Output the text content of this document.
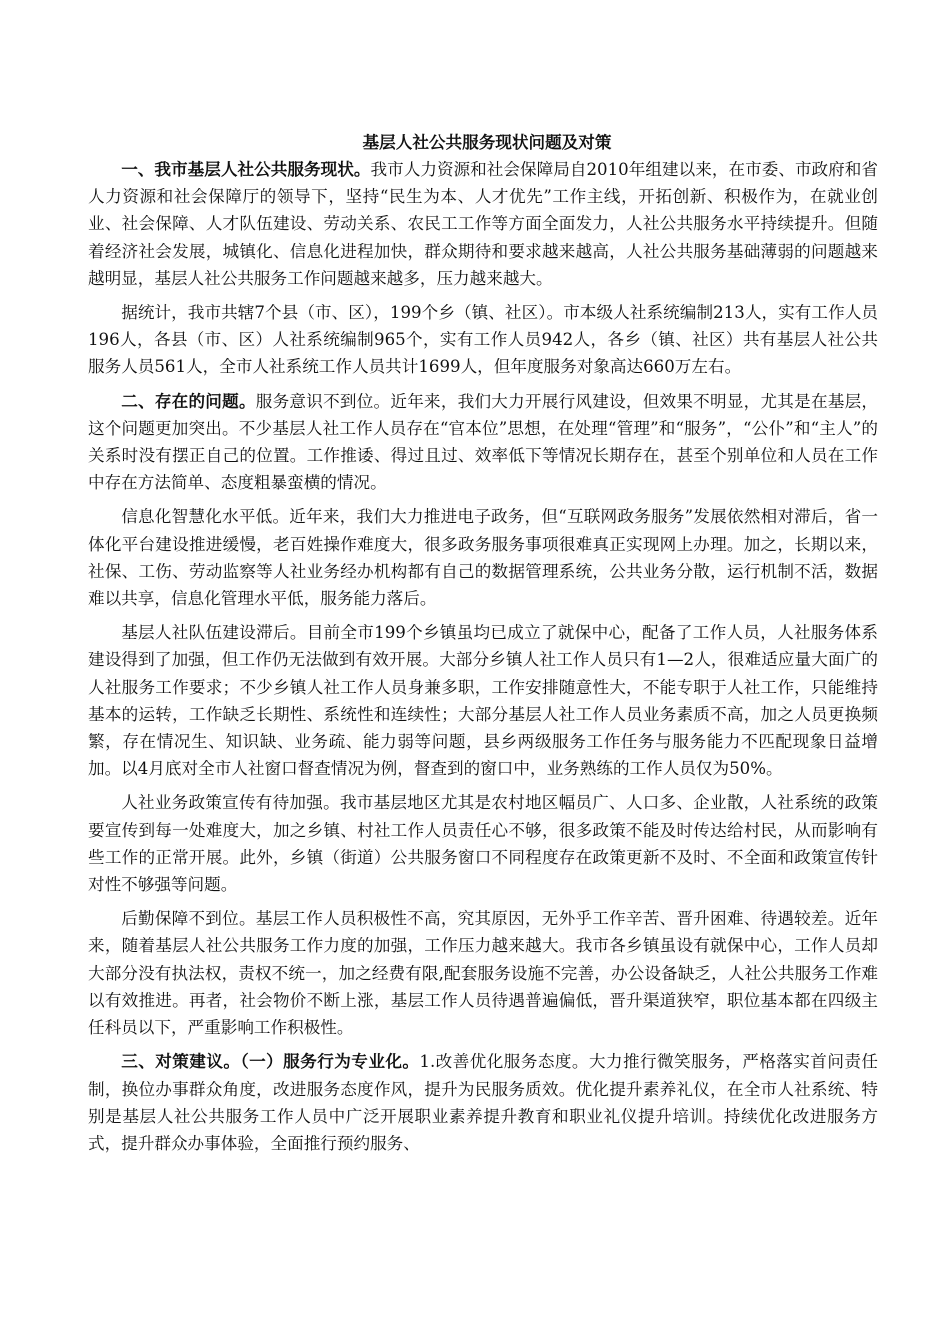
基层人社公共服务现状问题及对策

一、我市基层人社公共服务现状。我市人力资源和社会保障局自2010年组建以来，在市委、市政府和省人力资源和社会保障厅的领导下，坚持“民生为本、人才优先”工作主线，开拓创新、积极作为，在就业创业、社会保障、人才队伍建设、劳动关系、农民工工作等方面全面发力，人社公共服务水平持续提升。但随着经济社会发展，城镇化、信息化进程加快，群众期待和要求越来越高，人社公共服务基础薄弱的问题越来越明显，基层人社公共服务工作问题越来越多，压力越来越大。

据统计，我市共辖7个县（市、区），199个乡（镇、社区）。市本级人社系统编制213人，实有工作人员196人，各县（市、区）人社系统编制965个，实有工作人员942人，各乡（镇、社区）共有基层人社公共服务人员561人，全市人社系统工作人员共计1699人，但年度服务对象高达660万左右。

二、存在的问题。服务意识不到位。近年来，我们大力开展行风建设，但效果不明显，尤其是在基层，这个问题更加突出。不少基层人社工作人员存在“官本位”思想，在处理“管理”和“服务”，“公仆”和“主人”的关系时没有摆正自己的位置。工作推诿、得过且过、效率低下等情况长期存在，甚至个别单位和人员在工作中存在方法简单、态度粗暴蛮横的情况。

信息化智慧化水平低。近年来，我们大力推进电子政务，但“互联网政务服务”发展依然相对滞后，省一体化平台建设推进缓慢，老百姓操作难度大，很多政务服务事项很难真正实现网上办理。加之，长期以来，社保、工伤、劳动监察等人社业务经办机构都有自己的数据管理系统，公共业务分散，运行机制不活，数据难以共享，信息化管理水平低，服务能力落后。

基层人社队伍建设滞后。目前全市199个乡镇虽均已成立了就保中心，配备了工作人员，人社服务体系建设得到了加强，但工作仍无法做到有效开展。大部分乡镇人社工作人员只有1—2人，很难适应量大面广的人社服务工作要求；不少乡镇人社工作人员身兼多职，工作安排随意性大，不能专职于人社工作，只能维持基本的运转，工作缺乏长期性、系统性和连续性；大部分基层人社工作人员业务素质不高，加之人员更换频繁，存在情况生、知识缺、业务疏、能力弱等问题，县乡两级服务工作任务与服务能力不匹配现象日益增加。以4月底对全市人社窗口督查情况为例，督查到的窗口中，业务熟练的工作人员仅为50%。

人社业务政策宣传有待加强。我市基层地区尤其是农村地区幅员广、人口多、企业散，人社系统的政策要宣传到每一处难度大，加之乡镇、村社工作人员责任心不够，很多政策不能及时传达给村民，从而影响有些工作的正常开展。此外，乡镇（街道）公共服务窗口不同程度存在政策更新不及时、不全面和政策宣传针对性不够强等问题。

后勤保障不到位。基层工作人员积极性不高，究其原因，无外乎工作辛苦、晋升困难、待遇较差。近年来，随着基层人社公共服务工作力度的加强，工作压力越来越大。我市各乡镇虽设有就保中心，工作人员却大部分没有执法权，责权不统一，加之经费有限,配套服务设施不完善，办公设备缺乏，人社公共服务工作难以有效推进。再者，社会物价不断上涨，基层工作人员待遇普遍偏低，晋升渠道狭窄，职位基本都在四级主任科员以下，严重影响工作积极性。

三、对策建议。（一）服务行为专业化。1.改善优化服务态度。大力推行微笑服务，严格落实首问责任制，换位办事群众角度，改进服务态度作风，提升为民服务质效。优化提升素养礼仪，在全市人社系统、特别是基层人社公共服务工作人员中广泛开展职业素养提升教育和职业礼仪提升培训。持续优化改进服务方式，提升群众办事体验，全面推行预约服务、
